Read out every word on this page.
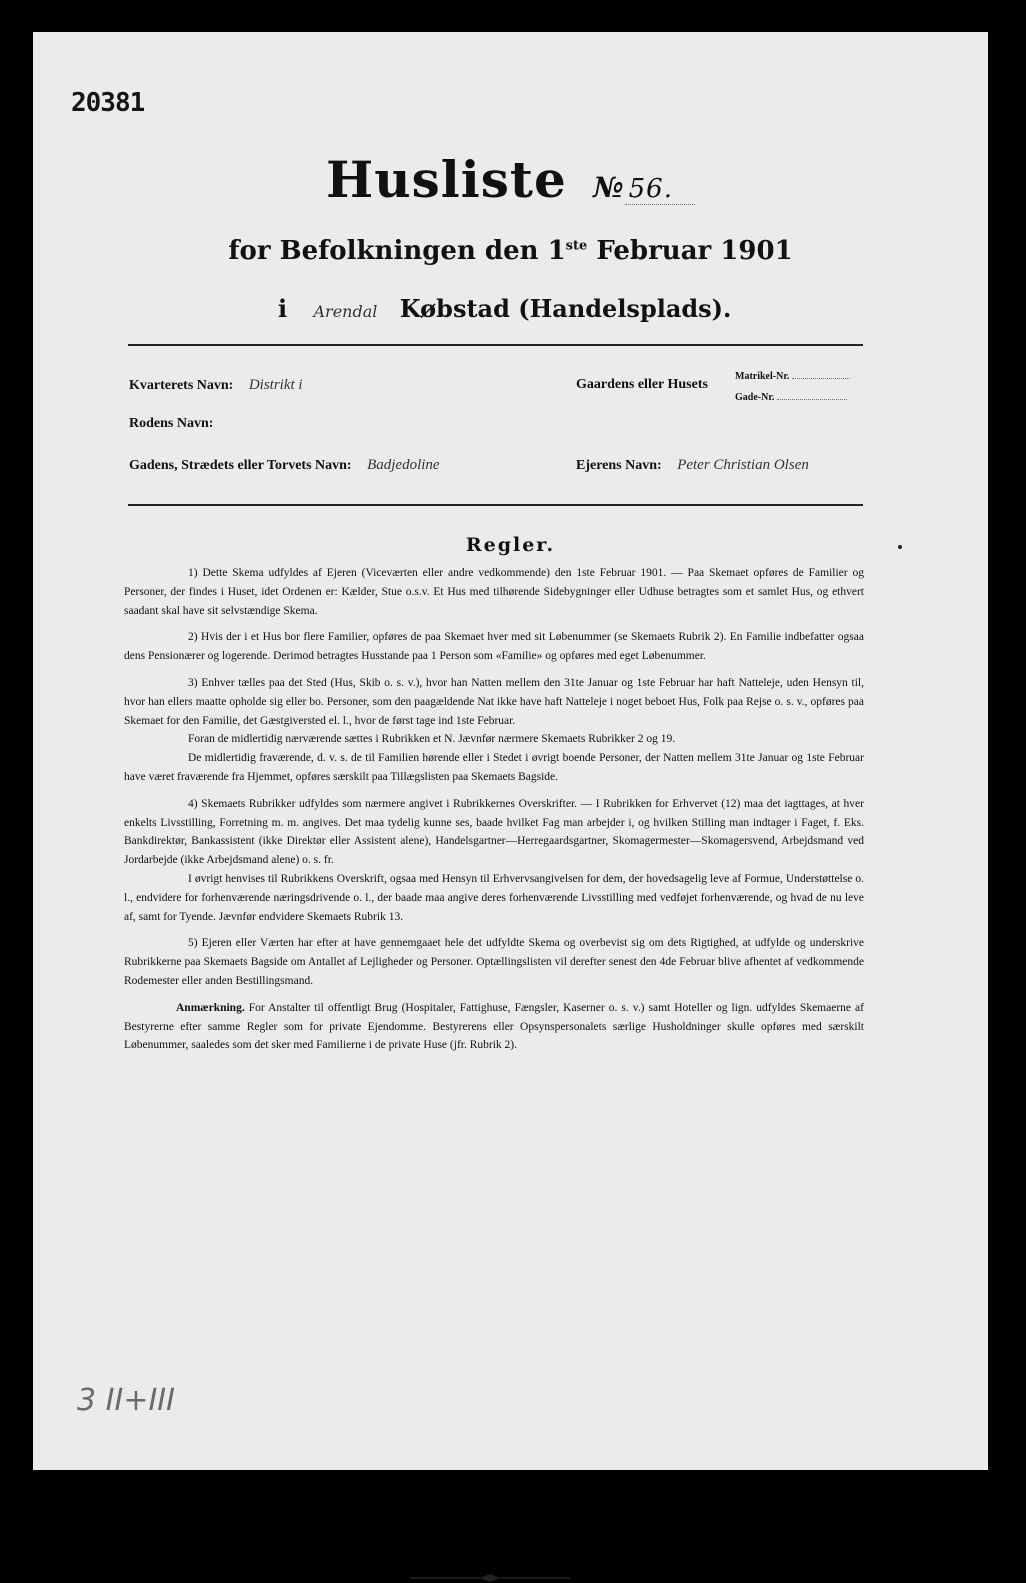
20381
Husliste № 56.
for Befolkningen den 1ste Februar 1901
i Arendal Købstad (Handelsplads).
Kvarterets Navn: Distrikt i	Gaardens eller Husets
Matrikel-Nr.
Gade-Nr.
Rodens Navn:
Gadens, Strædets eller Torvets Navn: Badjedoline	Ejerens Navn: Peter Christian Olsen
Regler.

1) Dette Skema udfyldes af Ejeren (Viceværten eller andre vedkommende) den 1ste Februar 1901. — Paa Skemaet opføres de Familier og Personer, der findes i Huset, idet Ordenen er: Kælder, Stue o.s.v. Et Hus med tilhørende Sidebygninger eller Udhuse betragtes som et samlet Hus, og ethvert saadant skal have sit selvstændige Skema.

2) Hvis der i et Hus bor flere Familier, opføres de paa Skemaet hver med sit Løbenummer (se Skemaets Rubrik 2). En Familie indbefatter ogsaa dens Pensionærer og logerende. Derimod betragtes Husstande paa 1 Person som «Familie» og opføres med eget Løbenummer.

3) Enhver tælles paa det Sted (Hus, Skib o. s. v.), hvor han Natten mellem den 31te Januar og 1ste Februar har haft Natteleje, uden Hensyn til, hvor han ellers maatte opholde sig eller bo. Personer, som den paagældende Nat ikke have haft Natteleje i noget beboet Hus, Folk paa Rejse o. s. v., opføres paa Skemaet for den Familie, det Gæstgiversted el. l., hvor de først tage ind 1ste Februar.

Foran de midlertidig nærværende sættes i Rubrikken et N. Jævnfør nærmere Skemaets Rubrikker 2 og 19.

De midlertidig fraværende, d. v. s. de til Familien hørende eller i Stedet i øvrigt boende Personer, der Natten mellem 31te Januar og 1ste Februar have været fraværende fra Hjemmet, opføres særskilt paa Tillægslisten paa Skemaets Bagside.

4) Skemaets Rubrikker udfyldes som nærmere angivet i Rubrikkernes Overskrifter. — I Rubrikken for Erhvervet (12) maa det iagttages, at hver enkelts Livsstilling, Forretning m. m. angives. Det maa tydelig kunne ses, baade hvilket Fag man arbejder i, og hvilken Stilling man indtager i Faget, f. Eks. Bankdirektør, Bankassistent (ikke Direktør eller Assistent alene), Handelsgartner—Herregaardsgartner, Skomagermester—Skomagersvend, Arbejdsmand ved Jordarbejde (ikke Arbejdsmand alene) o. s. fr.

I øvrigt henvises til Rubrikkens Overskrift, ogsaa med Hensyn til Erhvervsangivelsen for dem, der hovedsagelig leve af Formue, Understøttelse o. l., endvidere for forhenværende næringsdrivende o. l., der baade maa angive deres forhenværende Livsstilling med vedføjet forhenværende, og hvad de nu leve af, samt for Tyende. Jævnfør endvidere Skemaets Rubrik 13.

5) Ejeren eller Værten har efter at have gennemgaaet hele det udfyldte Skema og overbevist sig om dets Rigtighed, at udfylde og underskrive Rubrikkerne paa Skemaets Bagside om Antallet af Lejligheder og Personer. Optællingslisten vil derefter senest den 4de Februar blive afhentet af vedkommende Rodemester eller anden Bestillingsmand.

Anmærkning. For Anstalter til offentligt Brug (Hospitaler, Fattighuse, Fængsler, Kaserner o. s. v.) samt Hoteller og lign. udfyldes Skemaerne af Bestyrerne efter samme Regler som for private Ejendomme. Bestyrerens eller Opsynspersonalets særlige Husholdninger skulle opføres med særskilt Løbenummer, saaledes som det sker med Familierne i de private Huse (jfr. Rubrik 2).

3 II+III
